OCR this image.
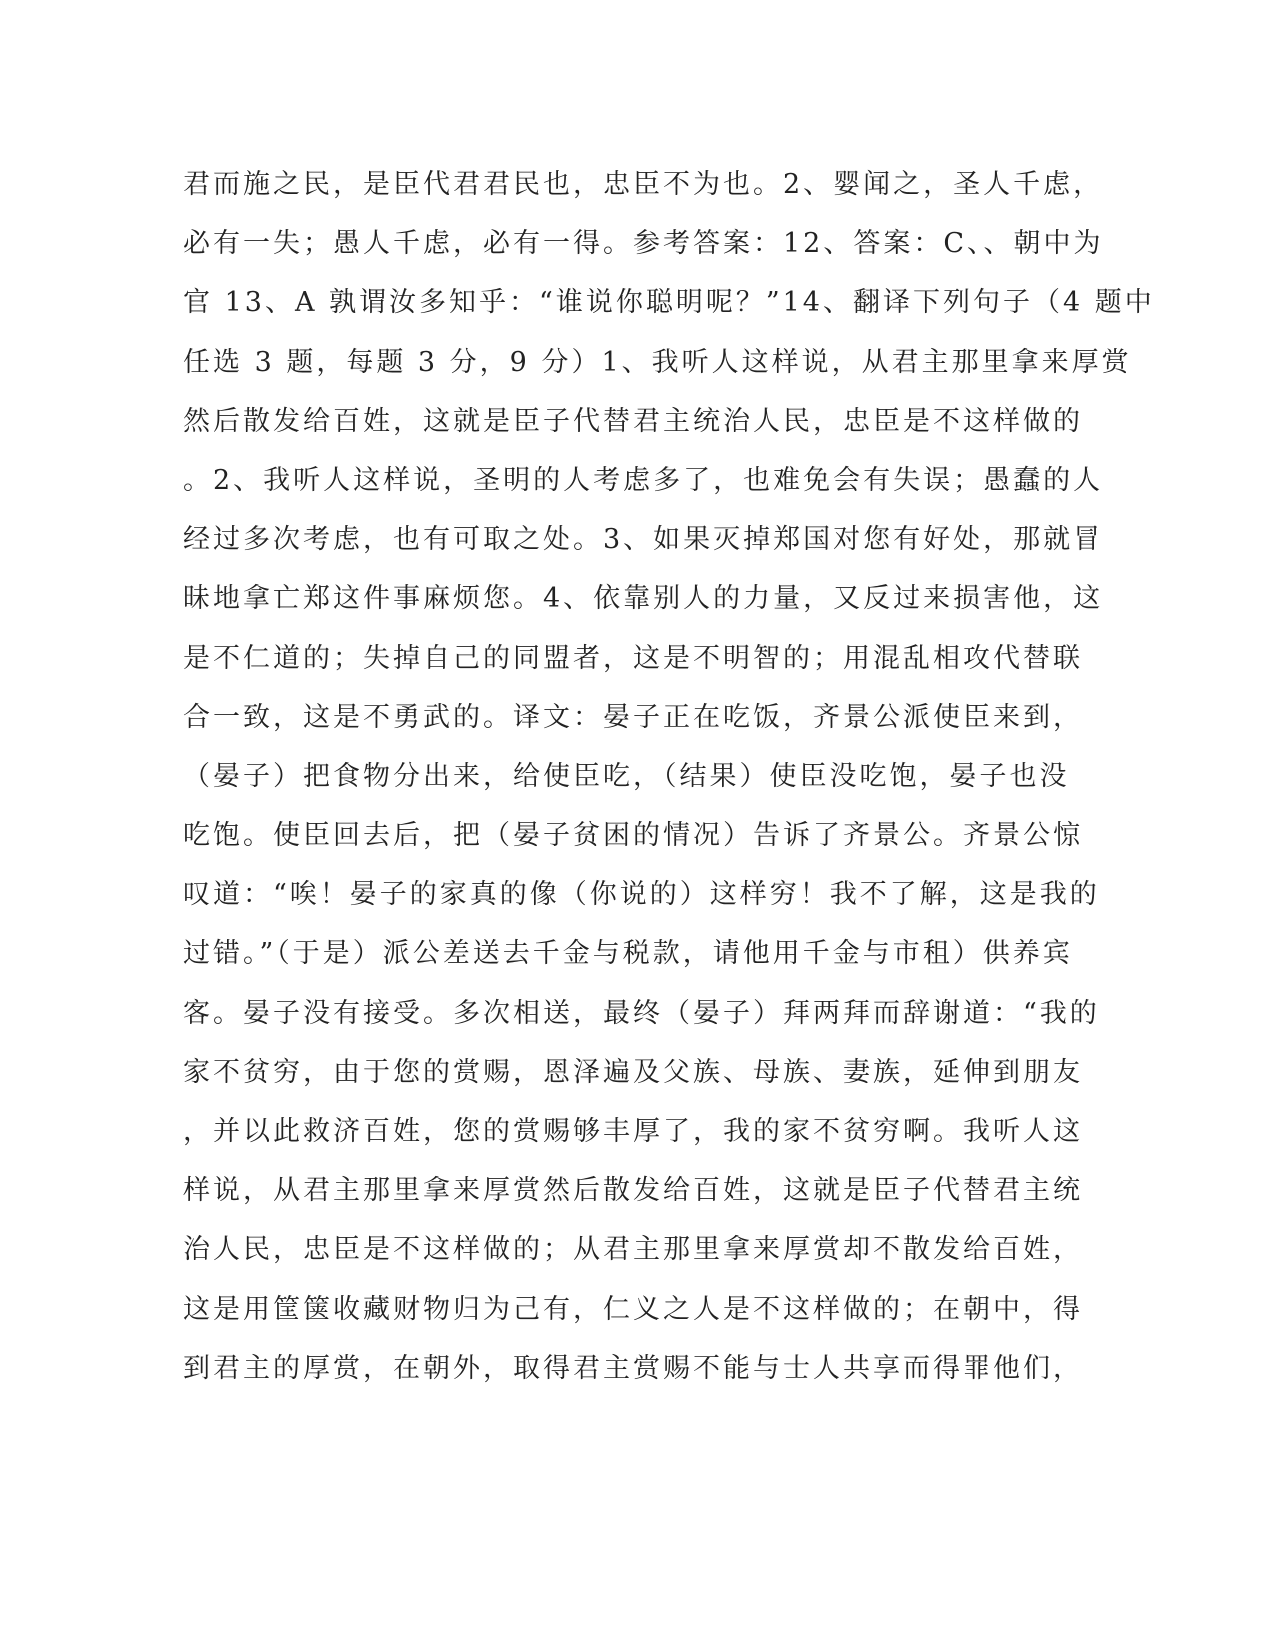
君而施之民，是臣代君君民也，忠臣不为也。2、婴闻之，圣人千虑，
必有一失；愚人千虑，必有一得。参考答案：12、答案：C、、朝中为
官 13、A 孰谓汝多知乎：“谁说你聪明呢？”14、翻译下列句子（4 题中
任选 3 题，每题 3 分，9 分）1、我听人这样说，从君主那里拿来厚赏
然后散发给百姓，这就是臣子代替君主统治人民，忠臣是不这样做的
。2、我听人这样说，圣明的人考虑多了，也难免会有失误；愚蠢的人
经过多次考虑，也有可取之处。3、如果灭掉郑国对您有好处，那就冒
昧地拿亡郑这件事麻烦您。4、依靠别人的力量，又反过来损害他，这
是不仁道的；失掉自己的同盟者，这是不明智的；用混乱相攻代替联
合一致，这是不勇武的。译文：晏子正在吃饭，齐景公派使臣来到，
（晏子）把食物分出来，给使臣吃，（结果）使臣没吃饱，晏子也没
吃饱。使臣回去后，把（晏子贫困的情况）告诉了齐景公。齐景公惊
叹道：“唉！晏子的家真的像（你说的）这样穷！我不了解，这是我的
过错。”（于是）派公差送去千金与税款，请他用千金与市租）供养宾
客。晏子没有接受。多次相送，最终（晏子）拜两拜而辞谢道：“我的
家不贫穷，由于您的赏赐，恩泽遍及父族、母族、妻族，延伸到朋友
，并以此救济百姓，您的赏赐够丰厚了，我的家不贫穷啊。我听人这
样说，从君主那里拿来厚赏然后散发给百姓，这就是臣子代替君主统
治人民，忠臣是不这样做的；从君主那里拿来厚赏却不散发给百姓，
这是用筐箧收藏财物归为己有，仁义之人是不这样做的；在朝中，得
到君主的厚赏，在朝外，取得君主赏赐不能与士人共享而得罪他们，
